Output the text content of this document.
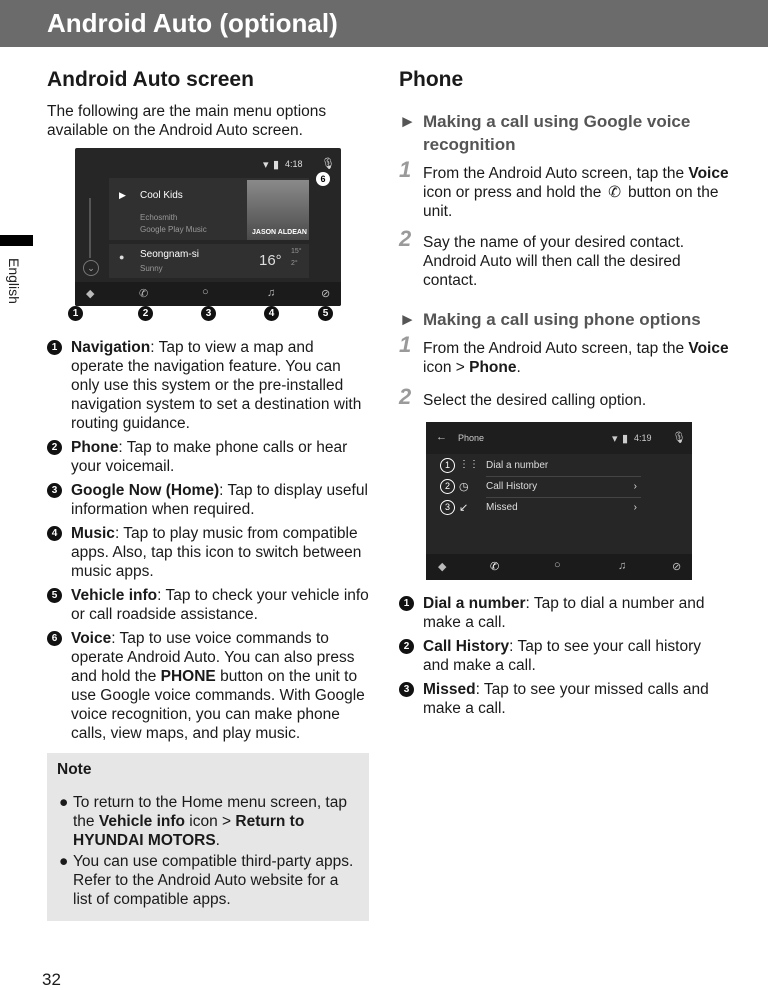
Android Auto (optional)
English
Android Auto screen

The following are the main menu options available on the Android Auto screen.

▾ ▮ 4:18 🎙
6
⌄
▶ Cool Kids
Echosmith
Google Play Music	JASON ALDEAN
● Seongnam-si
Sunny	16°
15°
2°
◆	✆	○	♫	⊘
1	2	3	4	5
1 Navigation: Tap to view a map and operate the navigation feature. You can only use this system or the pre-installed navigation system to set a destination with routing guidance.
2 Phone: Tap to make phone calls or hear your voicemail.
3 Google Now (Home): Tap to display useful information when required.
4 Music: Tap to play music from compatible apps. Also, tap this icon to switch between music apps.
5 Vehicle info: Tap to check your vehicle info or call roadside assistance.
6 Voice: Tap to use voice commands to operate Android Auto. You can also press and hold the PHONE button on the unit to use Google voice commands. With Google voice recognition, you can make phone calls, view maps, and play music.
Note
● To return to the Home menu screen, tap the Vehicle info icon > Return to HYUNDAI MOTORS.
● You can use compatible third-party apps. Refer to the Android Auto website for a list of compatible apps.
Phone
► Making a call using Google voice recognition
1 From the Android Auto screen, tap the Voice icon or press and hold the ✆ button on the unit.
2 Say the name of your desired contact. Android Auto will then call the desired contact.
► Making a call using phone options
1 From the Android Auto screen, tap the Voice icon > Phone.
2 Select the desired calling option.
← Phone	▾ ▮ 4:19 🎙
1
2
3
⋮⋮
◷
↙
Dial a number
Call History	›
Missed	›
◆	✆	○	♫	⊘
1 Dial a number: Tap to dial a number and make a call.
2 Call History: Tap to see your call history and make a call.
3 Missed: Tap to see your missed calls and make a call.
32
